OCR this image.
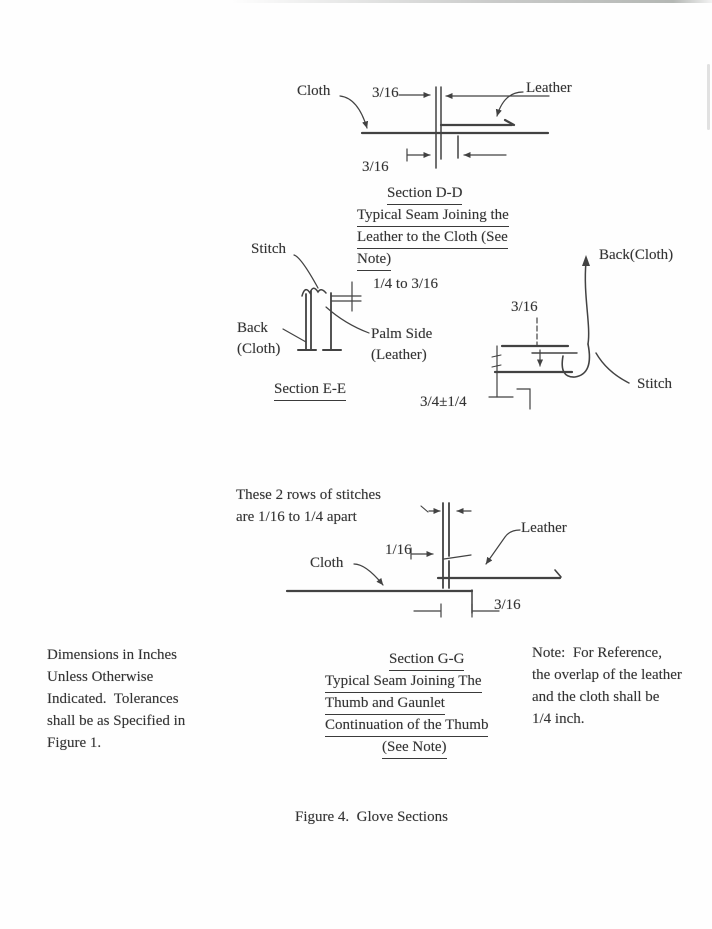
Cloth	3/16	Leather
3/16
Section D-D
Typical Seam Joining the
Leather to the Cloth (See
Note)
Stitch
1/4 to 3/16
Back
(Cloth)
Palm Side
(Leather)
Section E-E
Back(Cloth)
3/16
Stitch
3/4±1/4
These 2 rows of stitches
are 1/16 to 1/4 apart
1/16
Leather
Cloth
3/16
Section G-G
Typical Seam Joining The
Thumb and Gaunlet
Continuation of the Thumb
(See Note)
Dimensions in Inches
Unless Otherwise
Indicated.  Tolerances
shall be as Specified in
Figure 1.
Note:  For Reference,
the overlap of the leather
and the cloth shall be
1/4 inch.
Figure 4.  Glove Sections
